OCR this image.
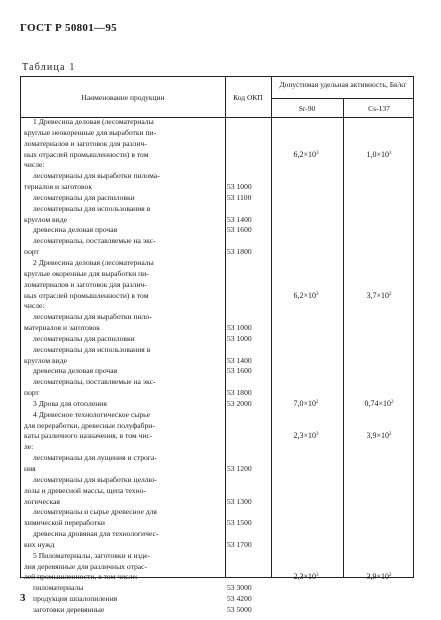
ГОСТ Р 50801—95
Таблица 1
Наименование продукции	Код ОКП
Допустимая удельная активность, Бк/кг
Sr-90	Cs-137
1 Древесина деловая (лесоматериалы
круглые неокоренные для выработки пи-
ломатериалов и заготовок для различ-
ных отраслей промышленности) в том	$6,2\times 10^3$	$1,0\times 10^3$
числе:
лесоматериалы для выработки пилома-
териалов и заготовок	53 1000
лесоматериалы для распиловки	53 1100
лесоматериалы для использования в
круглом виде	53 1400
древесина деловая прочая	53 1600
лесоматериалы, поставляемые на экс-
порт	53 1800
2 Древесина деловая (лесоматериалы
круглые окоренные для выработки пи-
ломатериалов и заготовок для различ-
ных отраслей промышленности) в том	$6,2\times 10^3$	$3,7\times 10^2$
числе:
лесоматериалы для выработки пило-
материалов и заготовок	53 1000
лесоматериалы для распиловки	53 1000
лесоматериалы для использования в
круглом виде	53 1400
древесина деловая прочая	53 1600
лесоматериалы, поставляемые на экс-
порт	53 1800
3 Дрова для отопления	53 2000	$7,0\times 10^2$	$0,74\times 10^2$
4 Древесное технологическое сырье
для переработки, древесные полуфабри-
каты различного назначения, в том чис-	$2,3\times 10^3$	$3,9\times 10^2$
ле:
лесоматериалы для лущения и строга-
ния	53 1200
лесоматериалы для выработки целлю-
лозы и древесной массы, щепа техно-
логическая	53 1300
лесоматериалы и сырье древесное для
химической переработки	53 1500
древесина дровяная для технологичес-
ких нужд	53 1700
5 Пиломатериалы, заготовки и изде-
лия деревянные для различных отрас-
лей промышленности, в том числе:	$2,3\times 10^3$	$3,9\times 10^2$
пиломатериалы	53 3000
продукция шпалопиления	53 4200
заготовки деревянные	53 5000
3
